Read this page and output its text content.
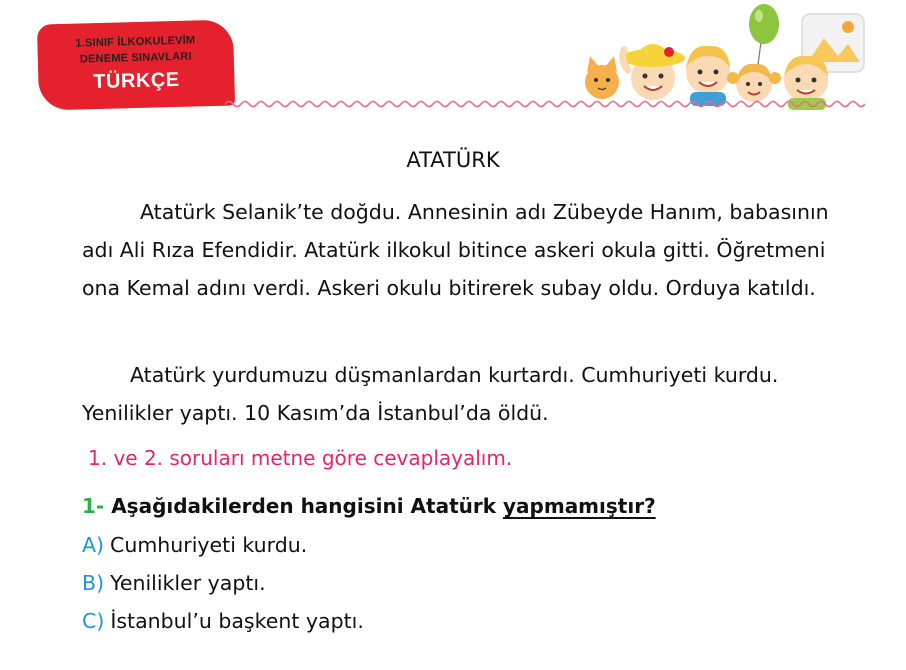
1.SINIF İLKOKULEVİM
DENEME SINAVLARI
TÜRKÇE
ATATÜRK
Atatürk Selanik’te doğdu. Annesinin adı Zübeyde Hanım, babasının adı Ali Rıza Efendidir. Atatürk ilkokul bitince askeri okula gitti. Öğretmeni ona Kemal adını verdi. Askeri okulu bitirerek subay oldu. Orduya katıldı.
Atatürk yurdumuzu düşmanlardan kurtardı. Cumhuriyeti kurdu. Yenilikler yaptı. 10 Kasım’da İstanbul’da öldü.
1. ve 2. soruları metne göre cevaplayalım.
1- Aşağıdakilerden hangisini Atatürk yapmamıştır?
A) Cumhuriyeti kurdu.
B) Yenilikler yaptı.
C) İstanbul’u başkent yaptı.
